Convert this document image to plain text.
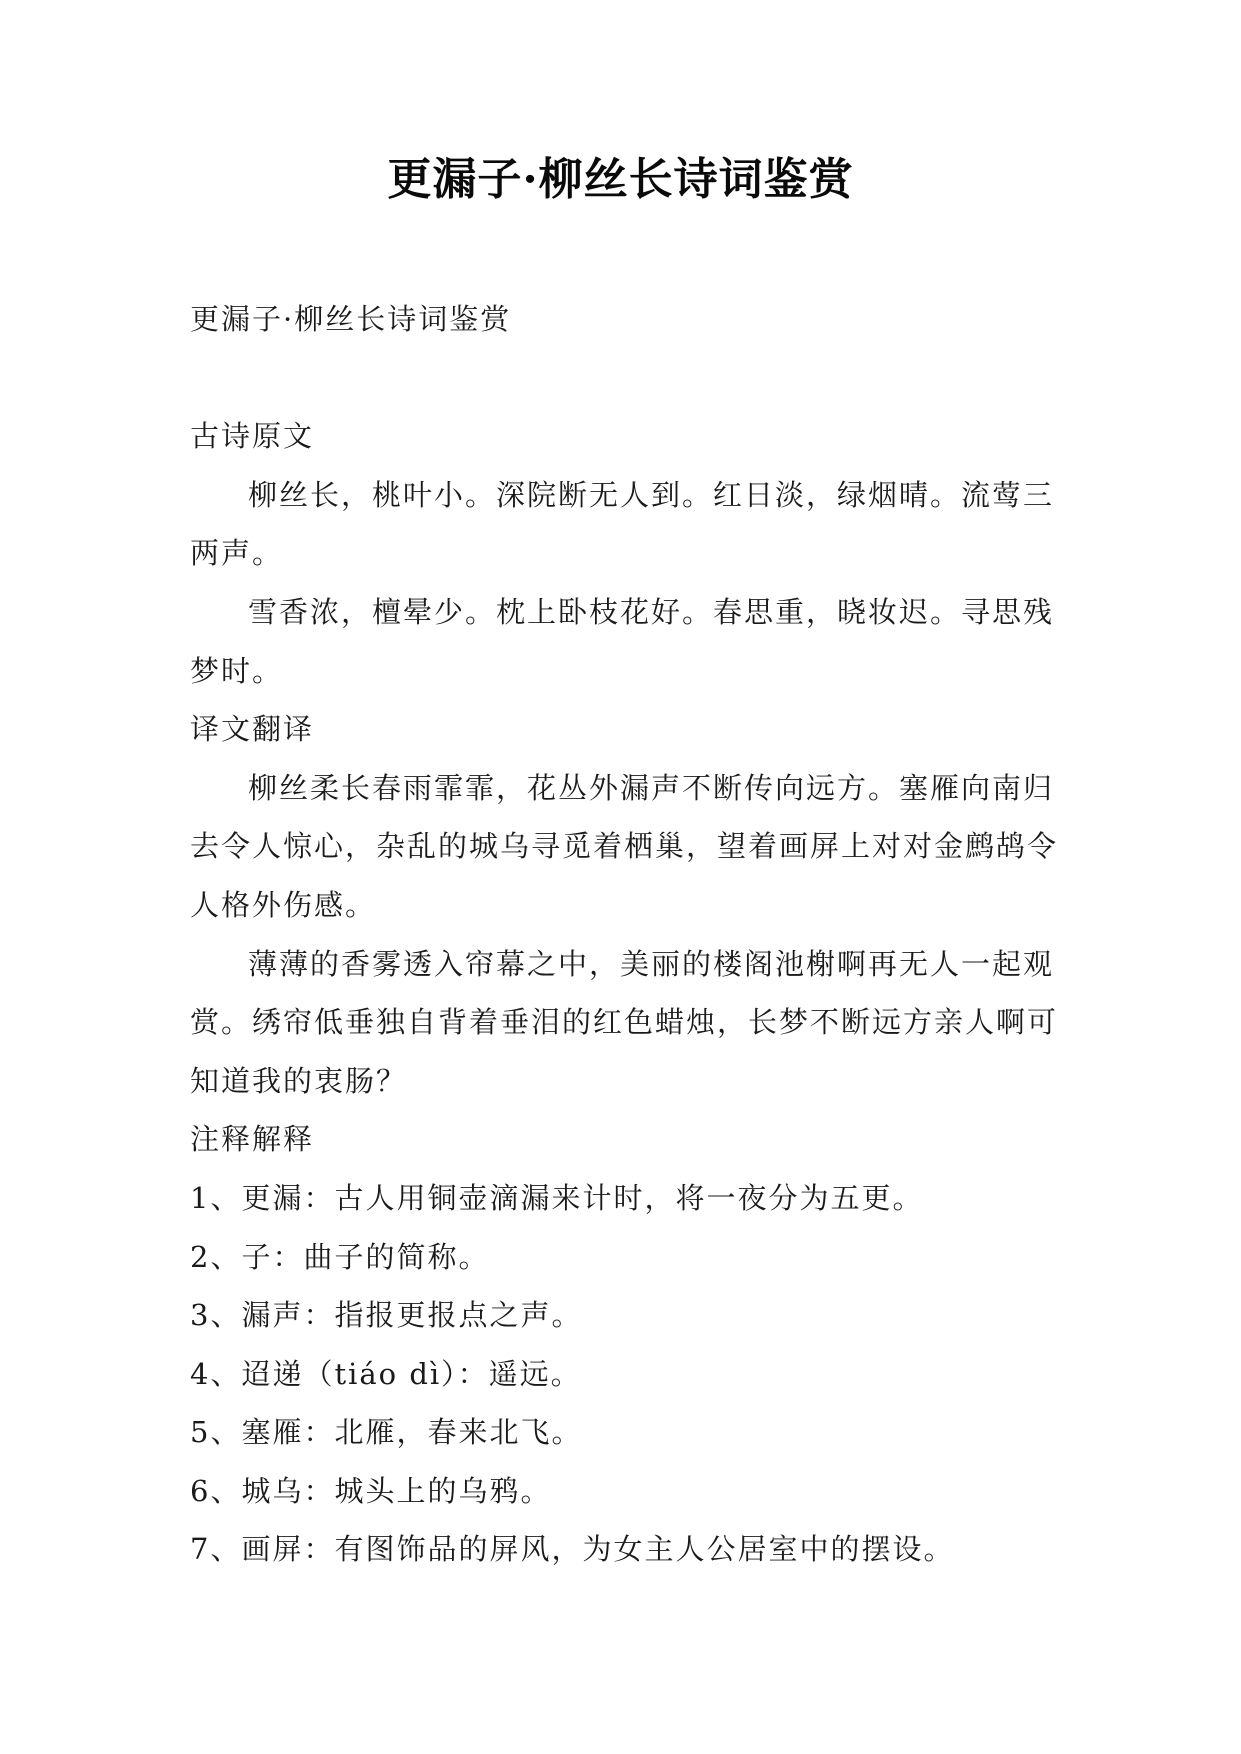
更漏子·柳丝长诗词鉴赏

更漏子·柳丝长诗词鉴赏

古诗原文

柳丝长，桃叶小。深院断无人到。红日淡，绿烟晴。流莺三两声。

雪香浓，檀晕少。枕上卧枝花好。春思重，晓妆迟。寻思残梦时。

译文翻译

柳丝柔长春雨霏霏，花丛外漏声不断传向远方。塞雁向南归去令人惊心，杂乱的城乌寻觅着栖巢，望着画屏上对对金鹧鸪令人格外伤感。

薄薄的香雾透入帘幕之中，美丽的楼阁池榭啊再无人一起观赏。绣帘低垂独自背着垂泪的红色蜡烛，长梦不断远方亲人啊可知道我的衷肠？

注释解释

1、更漏：古人用铜壶滴漏来计时，将一夜分为五更。

2、子：曲子的简称。

3、漏声：指报更报点之声。

4、迢递（tiáo dì）：遥远。

5、塞雁：北雁，春来北飞。

6、城乌：城头上的乌鸦。

7、画屏：有图饰品的屏风，为女主人公居室中的摆设。
